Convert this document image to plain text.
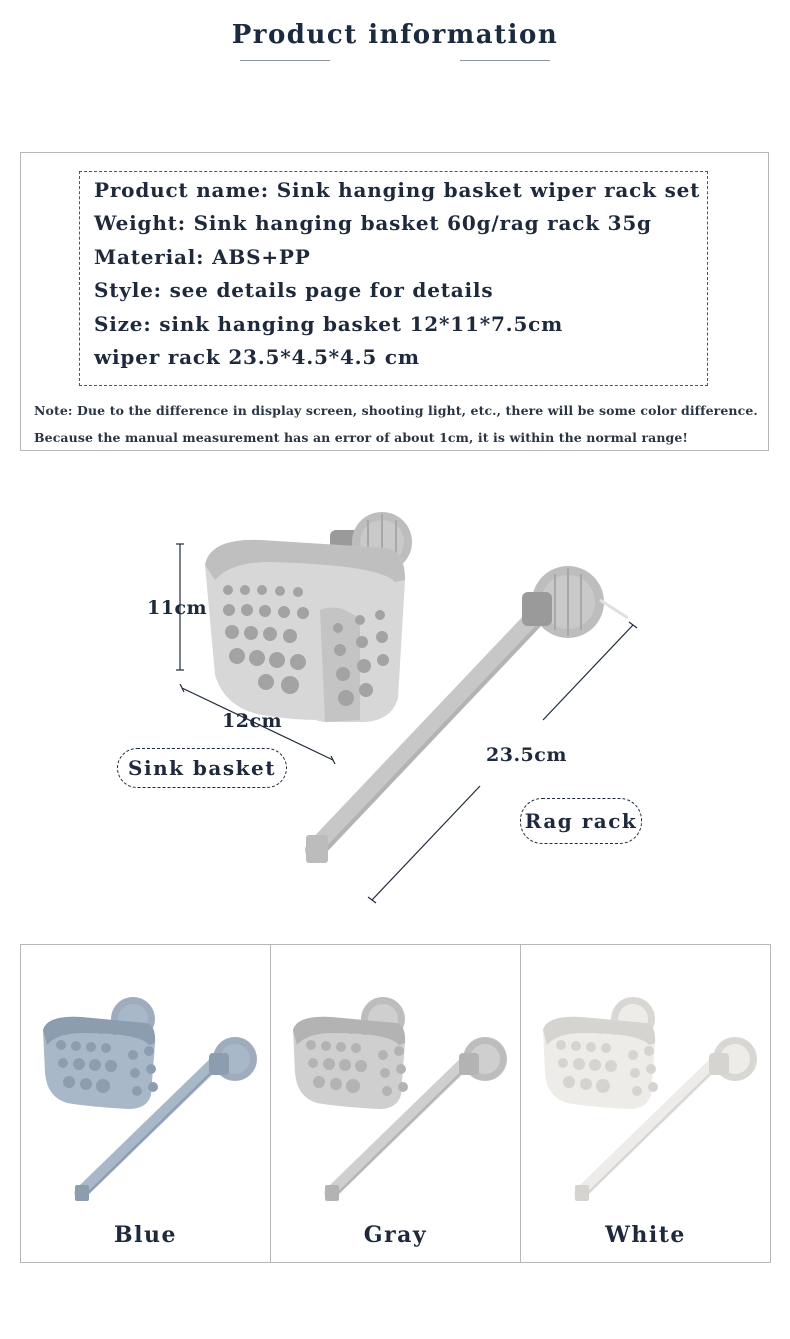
Product information
Product name: Sink hanging basket wiper rack set
Weight: Sink hanging basket 60g/rag rack 35g
Material: ABS+PP
Style: see details page for details
Size: sink hanging basket 12*11*7.5cm
wiper rack 23.5*4.5*4.5 cm
Note: Due to the difference in display screen, shooting light, etc., there will be some color difference.
Because the manual measurement has an error of about 1cm, it is within the normal range!
11cm
12cm
23.5cm
Sink basket
Rag rack
Blue	Gray	White
